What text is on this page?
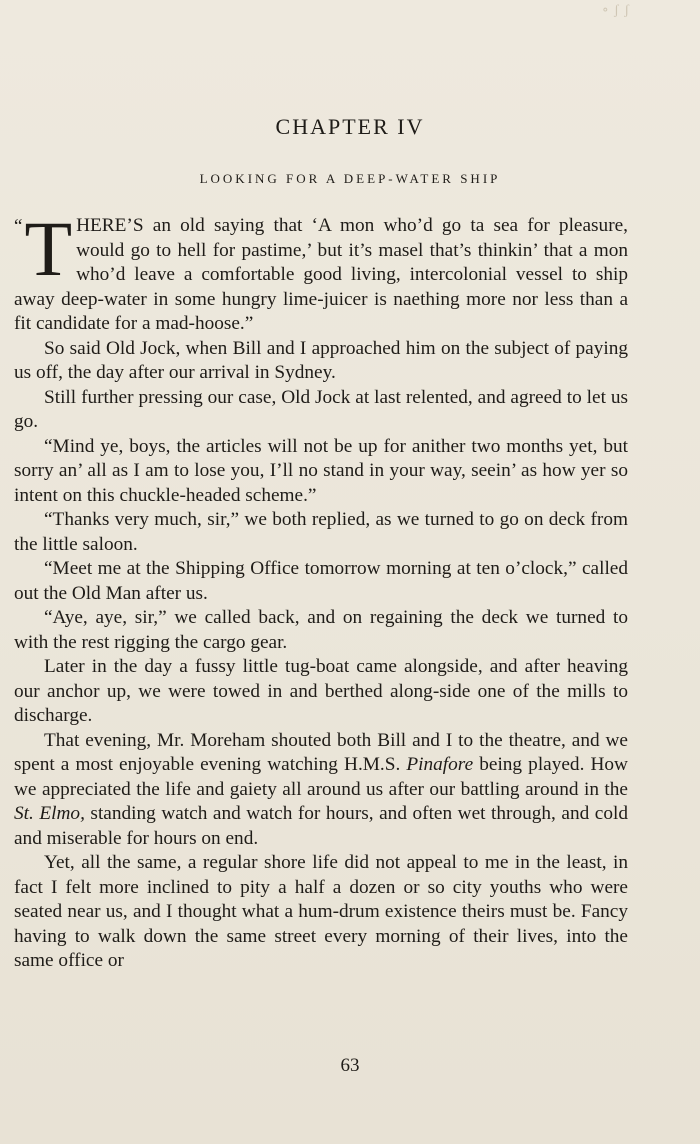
∘ ʃ ʃ
CHAPTER IV
LOOKING FOR A DEEP-WATER SHIP

“ T HERE’S an old saying that ‘A mon who’d go ta sea for pleasure, would go to hell for pastime,’ but it’s masel that’s thinkin’ that a mon who’d leave a comfortable good living, intercolonial vessel to ship away deep-water in some hungry lime-juicer is naething more nor less than a fit candidate for a mad-hoose.”

So said Old Jock, when Bill and I approached him on the subject of paying us off, the day after our arrival in Sydney.

Still further pressing our case, Old Jock at last relented, and agreed to let us go.

“Mind ye, boys, the articles will not be up for anither two months yet, but sorry an’ all as I am to lose you, I’ll no stand in your way, seein’ as how yer so intent on this chuckle-headed scheme.”

“Thanks very much, sir,” we both replied, as we turned to go on deck from the little saloon.

“Meet me at the Shipping Office tomorrow morning at ten o’clock,” called out the Old Man after us.

“Aye, aye, sir,” we called back, and on regaining the deck we turned to with the rest rigging the cargo gear.

Later in the day a fussy little tug-boat came alongside, and after heaving our anchor up, we were towed in and berthed along-side one of the mills to discharge.

That evening, Mr. Moreham shouted both Bill and I to the theatre, and we spent a most enjoyable evening watching H.M.S. Pinafore being played. How we appreciated the life and gaiety all around us after our battling around in the St. Elmo, standing watch and watch for hours, and often wet through, and cold and miserable for hours on end.

Yet, all the same, a regular shore life did not appeal to me in the least, in fact I felt more inclined to pity a half a dozen or so city youths who were seated near us, and I thought what a hum-drum existence theirs must be. Fancy having to walk down the same street every morning of their lives, into the same office or

63
